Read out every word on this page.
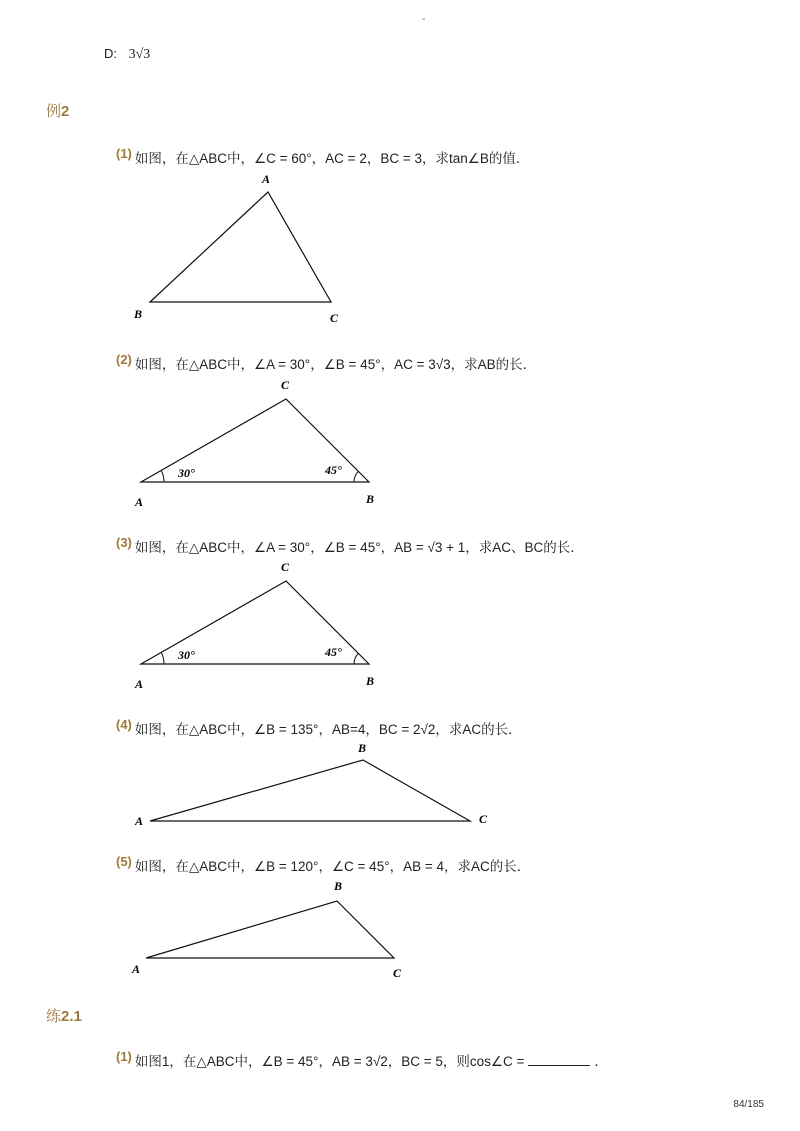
-
D: 3√3
例2
(1) 如图，在△ABC中，∠C = 60°，AC = 2，BC = 3，求tan∠B的值．
A
B	C
C
A	B
30°	45°
C
A	B
30°	45°
B
A	C
B
A	C
(2) 如图，在△ABC中，∠A = 30°，∠B = 45°，AC = 3√3，求AB的长．
(3) 如图，在△ABC中，∠A = 30°，∠B = 45°，AB = √3 + 1，求AC、BC的长．
(4) 如图，在△ABC中，∠B = 135°，AB=4，BC = 2√2，求AC的长．
(5) 如图，在△ABC中，∠B = 120°，∠C = 45°，AB = 4，求AC的长．
练2.1
(1) 如图1，在△ABC中，∠B = 45°，AB = 3√2，BC = 5，则cos∠C =	．
84/185
